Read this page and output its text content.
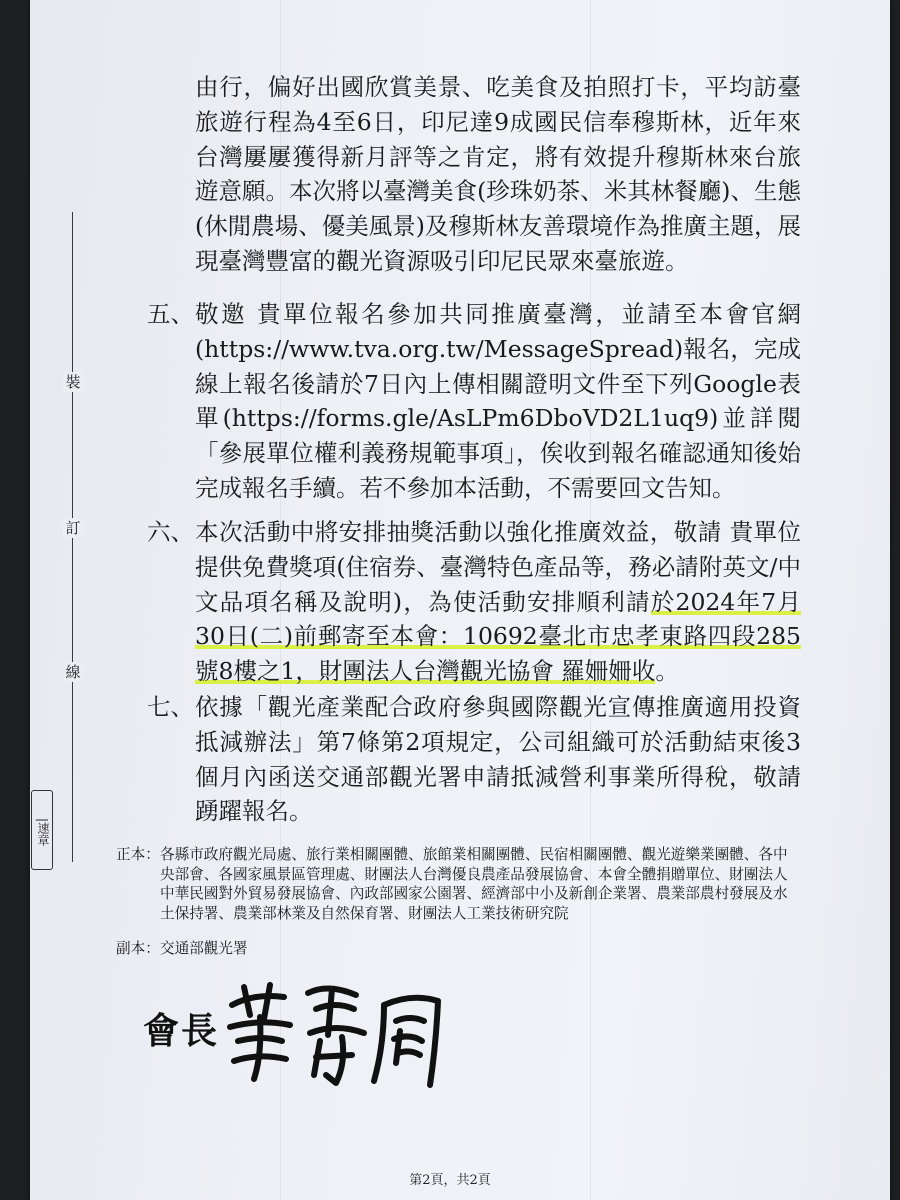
裝
訂
線
|速章

由行，偏好出國欣賞美景、吃美食及拍照打卡，平均訪臺旅遊行程為4至6日，印尼達9成國民信奉穆斯林，近年來台灣屢屢獲得新月評等之肯定，將有效提升穆斯林來台旅遊意願。本次將以臺灣美食(珍珠奶茶、米其林餐廳)、生態(休閒農場、優美風景)及穆斯林友善環境作為推廣主題，展現臺灣豐富的觀光資源吸引印尼民眾來臺旅遊。

五、 敬邀 貴單位報名參加共同推廣臺灣，並請至本會官網(https://www.tva.org.tw/MessageSpread)報名，完成線上報名後請於7日內上傳相關證明文件至下列Google表單(https://forms.gle/AsLPm6DboVD2L1uq9)並詳閱「參展單位權利義務規範事項」，俟收到報名確認通知後始完成報名手續。若不參加本活動，不需要回文告知。

六、 本次活動中將安排抽獎活動以強化推廣效益，敬請 貴單位提供免費獎項(住宿券、臺灣特色產品等，務必請附英文/中文品項名稱及說明)，為使活動安排順利請於2024年7月30日(二)前郵寄至本會：10692臺北市忠孝東路四段285號8樓之1，財團法人台灣觀光協會 羅姍姍收。

七、 依據「觀光產業配合政府參與國際觀光宣傳推廣適用投資抵減辦法」第7條第2項規定，公司組織可於活動結束後3個月內函送交通部觀光署申請抵減營利事業所得稅，敬請踴躍報名。

正本： 各縣市政府觀光局處、旅行業相關團體、旅館業相關團體、民宿相關團體、觀光遊樂業團體、各中央部會、各國家風景區管理處、財團法人台灣優良農產品發展協會、本會全體捐贈單位、財團法人中華民國對外貿易發展協會、內政部國家公園署、經濟部中小及新創企業署、農業部農村發展及水土保持署、農業部林業及自然保育署、財團法人工業技術研究院

副本： 交通部觀光署

會長
第2頁，共2頁
